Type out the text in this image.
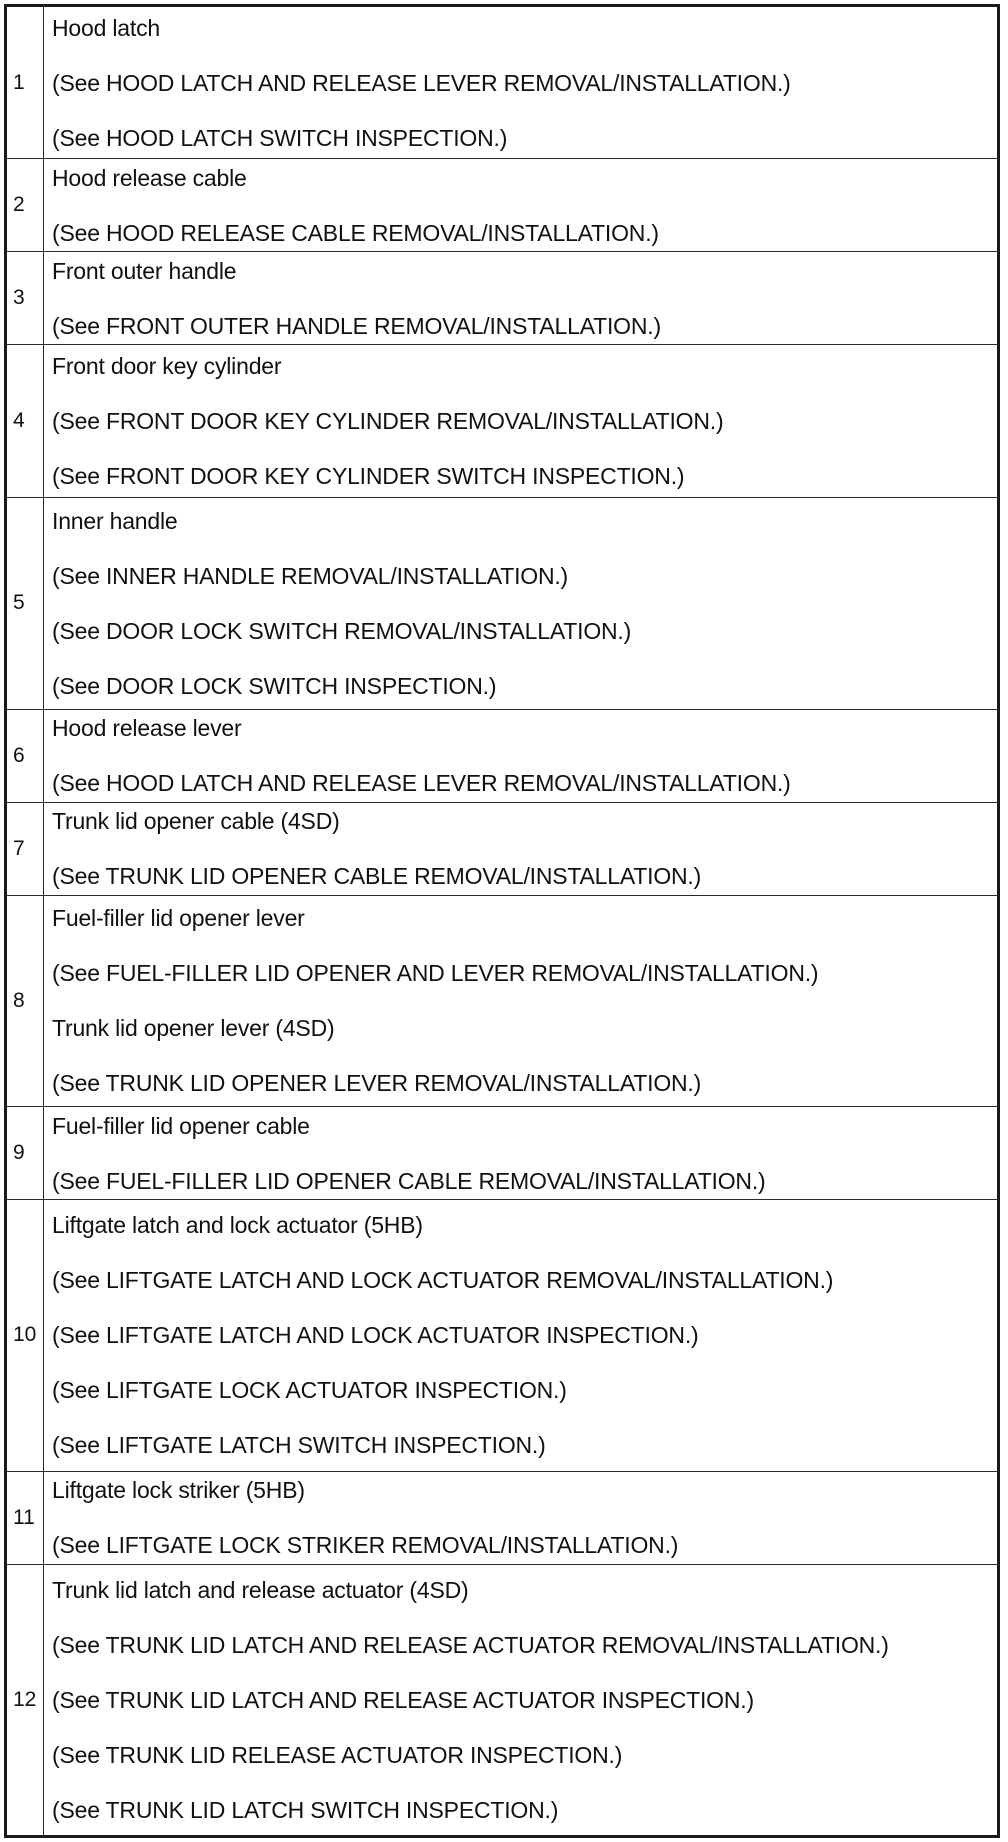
1	Hood latch
(See HOOD LATCH AND RELEASE LEVER REMOVAL/INSTALLATION.)
(See HOOD LATCH SWITCH INSPECTION.)

2	Hood release cable
(See HOOD RELEASE CABLE REMOVAL/INSTALLATION.)

3	Front outer handle
(See FRONT OUTER HANDLE REMOVAL/INSTALLATION.)

4	Front door key cylinder
(See FRONT DOOR KEY CYLINDER REMOVAL/INSTALLATION.)
(See FRONT DOOR KEY CYLINDER SWITCH INSPECTION.)

5	Inner handle
(See INNER HANDLE REMOVAL/INSTALLATION.)
(See DOOR LOCK SWITCH REMOVAL/INSTALLATION.)
(See DOOR LOCK SWITCH INSPECTION.)

6	Hood release lever
(See HOOD LATCH AND RELEASE LEVER REMOVAL/INSTALLATION.)

7	Trunk lid opener cable (4SD)
(See TRUNK LID OPENER CABLE REMOVAL/INSTALLATION.)

8	Fuel-filler lid opener lever
(See FUEL-FILLER LID OPENER AND LEVER REMOVAL/INSTALLATION.)
Trunk lid opener lever (4SD)
(See TRUNK LID OPENER LEVER REMOVAL/INSTALLATION.)

9	Fuel-filler lid opener cable
(See FUEL-FILLER LID OPENER CABLE REMOVAL/INSTALLATION.)

10	Liftgate latch and lock actuator (5HB)
(See LIFTGATE LATCH AND LOCK ACTUATOR REMOVAL/INSTALLATION.)
(See LIFTGATE LATCH AND LOCK ACTUATOR INSPECTION.)
(See LIFTGATE LOCK ACTUATOR INSPECTION.)
(See LIFTGATE LATCH SWITCH INSPECTION.)

11	Liftgate lock striker (5HB)
(See LIFTGATE LOCK STRIKER REMOVAL/INSTALLATION.)

12	Trunk lid latch and release actuator (4SD)
(See TRUNK LID LATCH AND RELEASE ACTUATOR REMOVAL/INSTALLATION.)
(See TRUNK LID LATCH AND RELEASE ACTUATOR INSPECTION.)
(See TRUNK LID RELEASE ACTUATOR INSPECTION.)
(See TRUNK LID LATCH SWITCH INSPECTION.)
